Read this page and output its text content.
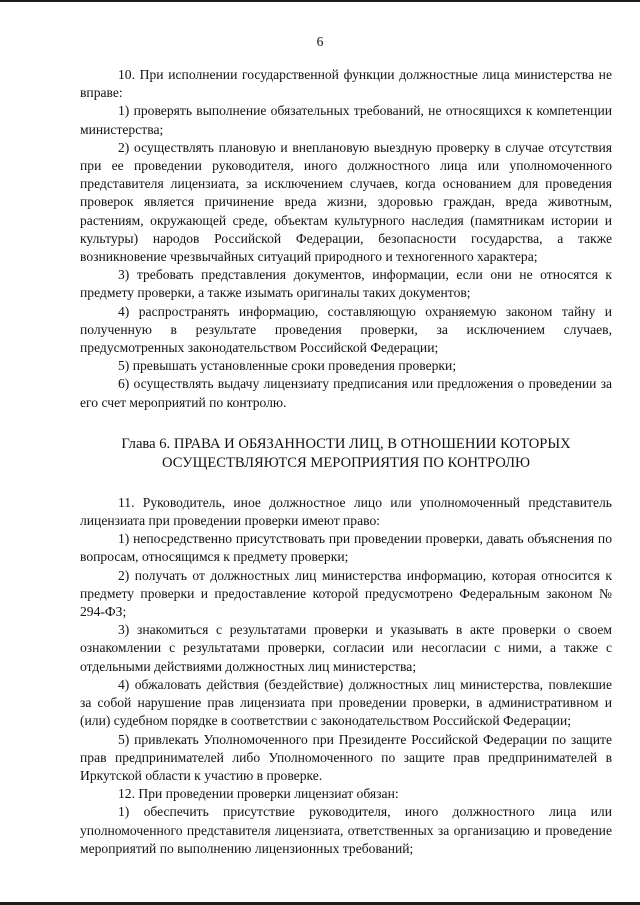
6

10. При исполнении государственной функции должностные лица министерства не вправе:

1) проверять выполнение обязательных требований, не относящихся к компетенции министерства;

2) осуществлять плановую и внеплановую выездную проверку в случае отсутствия при ее проведении руководителя, иного должностного лица или уполномоченного представителя лицензиата, за исключением случаев, когда основанием для проведения проверок является причинение вреда жизни, здоровью граждан, вреда животным, растениям, окружающей среде, объектам культурного наследия (памятникам истории и культуры) народов Российской Федерации, безопасности государства, а также возникновение чрезвычайных ситуаций природного и техногенного характера;

3) требовать представления документов, информации, если они не относятся к предмету проверки, а также изымать оригиналы таких документов;

4) распространять информацию, составляющую охраняемую законом тайну и полученную в результате проведения проверки, за исключением случаев, предусмотренных законодательством Российской Федерации;

5) превышать установленные сроки проведения проверки;

6) осуществлять выдачу лицензиату предписания или предложения о проведении за его счет мероприятий по контролю.

Глава 6. ПРАВА И ОБЯЗАННОСТИ ЛИЦ, В ОТНОШЕНИИ КОТОРЫХ ОСУЩЕСТВЛЯЮТСЯ МЕРОПРИЯТИЯ ПО КОНТРОЛЮ

11. Руководитель, иное должностное лицо или уполномоченный представитель лицензиата при проведении проверки имеют право:

1) непосредственно присутствовать при проведении проверки, давать объяснения по вопросам, относящимся к предмету проверки;

2) получать от должностных лиц министерства информацию, которая относится к предмету проверки и предоставление которой предусмотрено Федеральным законом № 294-ФЗ;

3) знакомиться с результатами проверки и указывать в акте проверки о своем ознакомлении с результатами проверки, согласии или несогласии с ними, а также с отдельными действиями должностных лиц министерства;

4) обжаловать действия (бездействие) должностных лиц министерства, повлекшие за собой нарушение прав лицензиата при проведении проверки, в административном и (или) судебном порядке в соответствии с законодательством Российской Федерации;

5) привлекать Уполномоченного при Президенте Российской Федерации по защите прав предпринимателей либо Уполномоченного по защите прав предпринимателей в Иркутской области к участию в проверке.

12. При проведении проверки лицензиат обязан:

1) обеспечить присутствие руководителя, иного должностного лица или уполномоченного представителя лицензиата, ответственных за организацию и проведение мероприятий по выполнению лицензионных требований;
